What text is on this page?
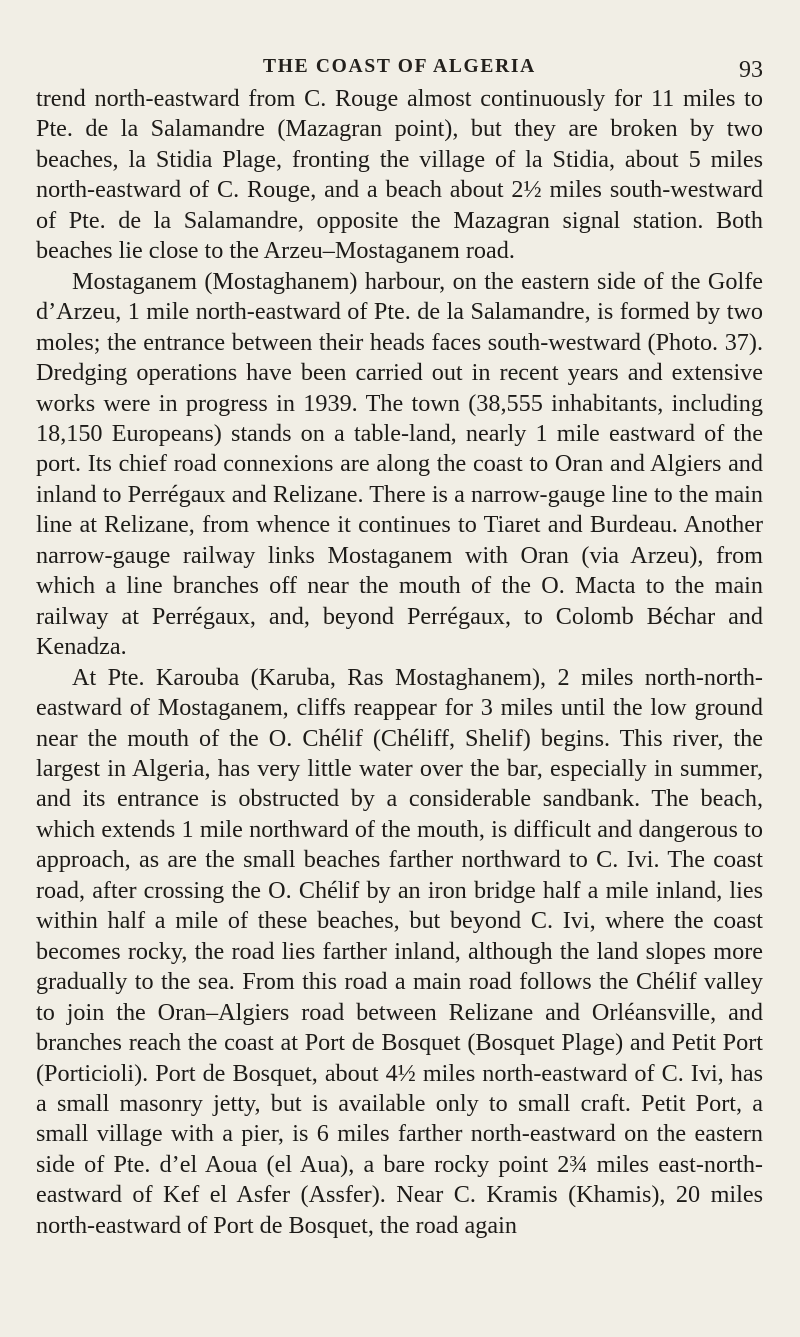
THE COAST OF ALGERIA	93

trend north-eastward from C. Rouge almost continuously for 11 miles to Pte. de la Salamandre (Mazagran point), but they are broken by two beaches, la Stidia Plage, fronting the village of la Stidia, about 5 miles north-eastward of C. Rouge, and a beach about 2½ miles south-westward of Pte. de la Salamandre, opposite the Mazagran signal station. Both beaches lie close to the Arzeu–Mostaganem road.

Mostaganem (Mostaghanem) harbour, on the eastern side of the Golfe d’Arzeu, 1 mile north-eastward of Pte. de la Salamandre, is formed by two moles; the entrance between their heads faces south-westward (Photo. 37). Dredging operations have been carried out in recent years and extensive works were in progress in 1939. The town (38,555 inhabitants, including 18,150 Europeans) stands on a table-land, nearly 1 mile eastward of the port. Its chief road connexions are along the coast to Oran and Algiers and inland to Perrégaux and Relizane. There is a narrow-gauge line to the main line at Relizane, from whence it continues to Tiaret and Burdeau. Another narrow-gauge railway links Mostaganem with Oran (via Arzeu), from which a line branches off near the mouth of the O. Macta to the main railway at Perrégaux, and, beyond Perrégaux, to Colomb Béchar and Kenadza.

At Pte. Karouba (Karuba, Ras Mostaghanem), 2 miles north-north-eastward of Mostaganem, cliffs reappear for 3 miles until the low ground near the mouth of the O. Chélif (Chéliff, Shelif) begins. This river, the largest in Algeria, has very little water over the bar, especially in summer, and its entrance is obstructed by a considerable sandbank. The beach, which extends 1 mile northward of the mouth, is difficult and dangerous to approach, as are the small beaches farther northward to C. Ivi. The coast road, after crossing the O. Chélif by an iron bridge half a mile inland, lies within half a mile of these beaches, but beyond C. Ivi, where the coast becomes rocky, the road lies farther inland, although the land slopes more gradually to the sea. From this road a main road follows the Chélif valley to join the Oran–Algiers road between Relizane and Orléansville, and branches reach the coast at Port de Bosquet (Bosquet Plage) and Petit Port (Porticioli). Port de Bosquet, about 4½ miles north-eastward of C. Ivi, has a small masonry jetty, but is available only to small craft. Petit Port, a small village with a pier, is 6 miles farther north-eastward on the eastern side of Pte. d’el Aoua (el Aua), a bare rocky point 2¾ miles east-north-eastward of Kef el Asfer (Assfer). Near C. Kramis (Khamis), 20 miles north-eastward of Port de Bosquet, the road again
